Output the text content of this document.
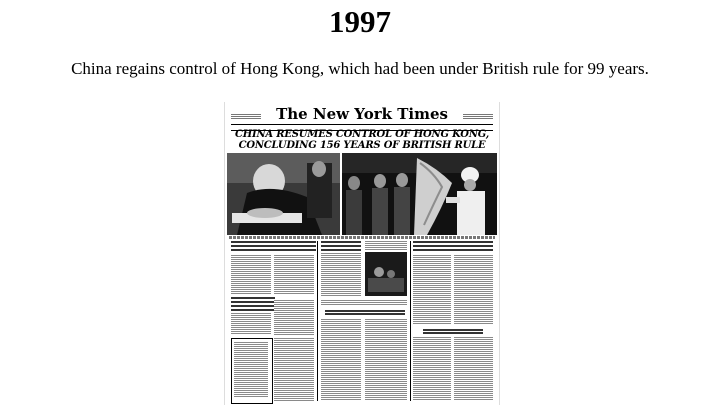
1997
China regains control of Hong Kong, which had been under British rule for 99 years.
The New York Times
CHINA RESUMES CONTROL OF HONG KONG,
CONCLUDING 156 YEARS OF BRITISH RULE
